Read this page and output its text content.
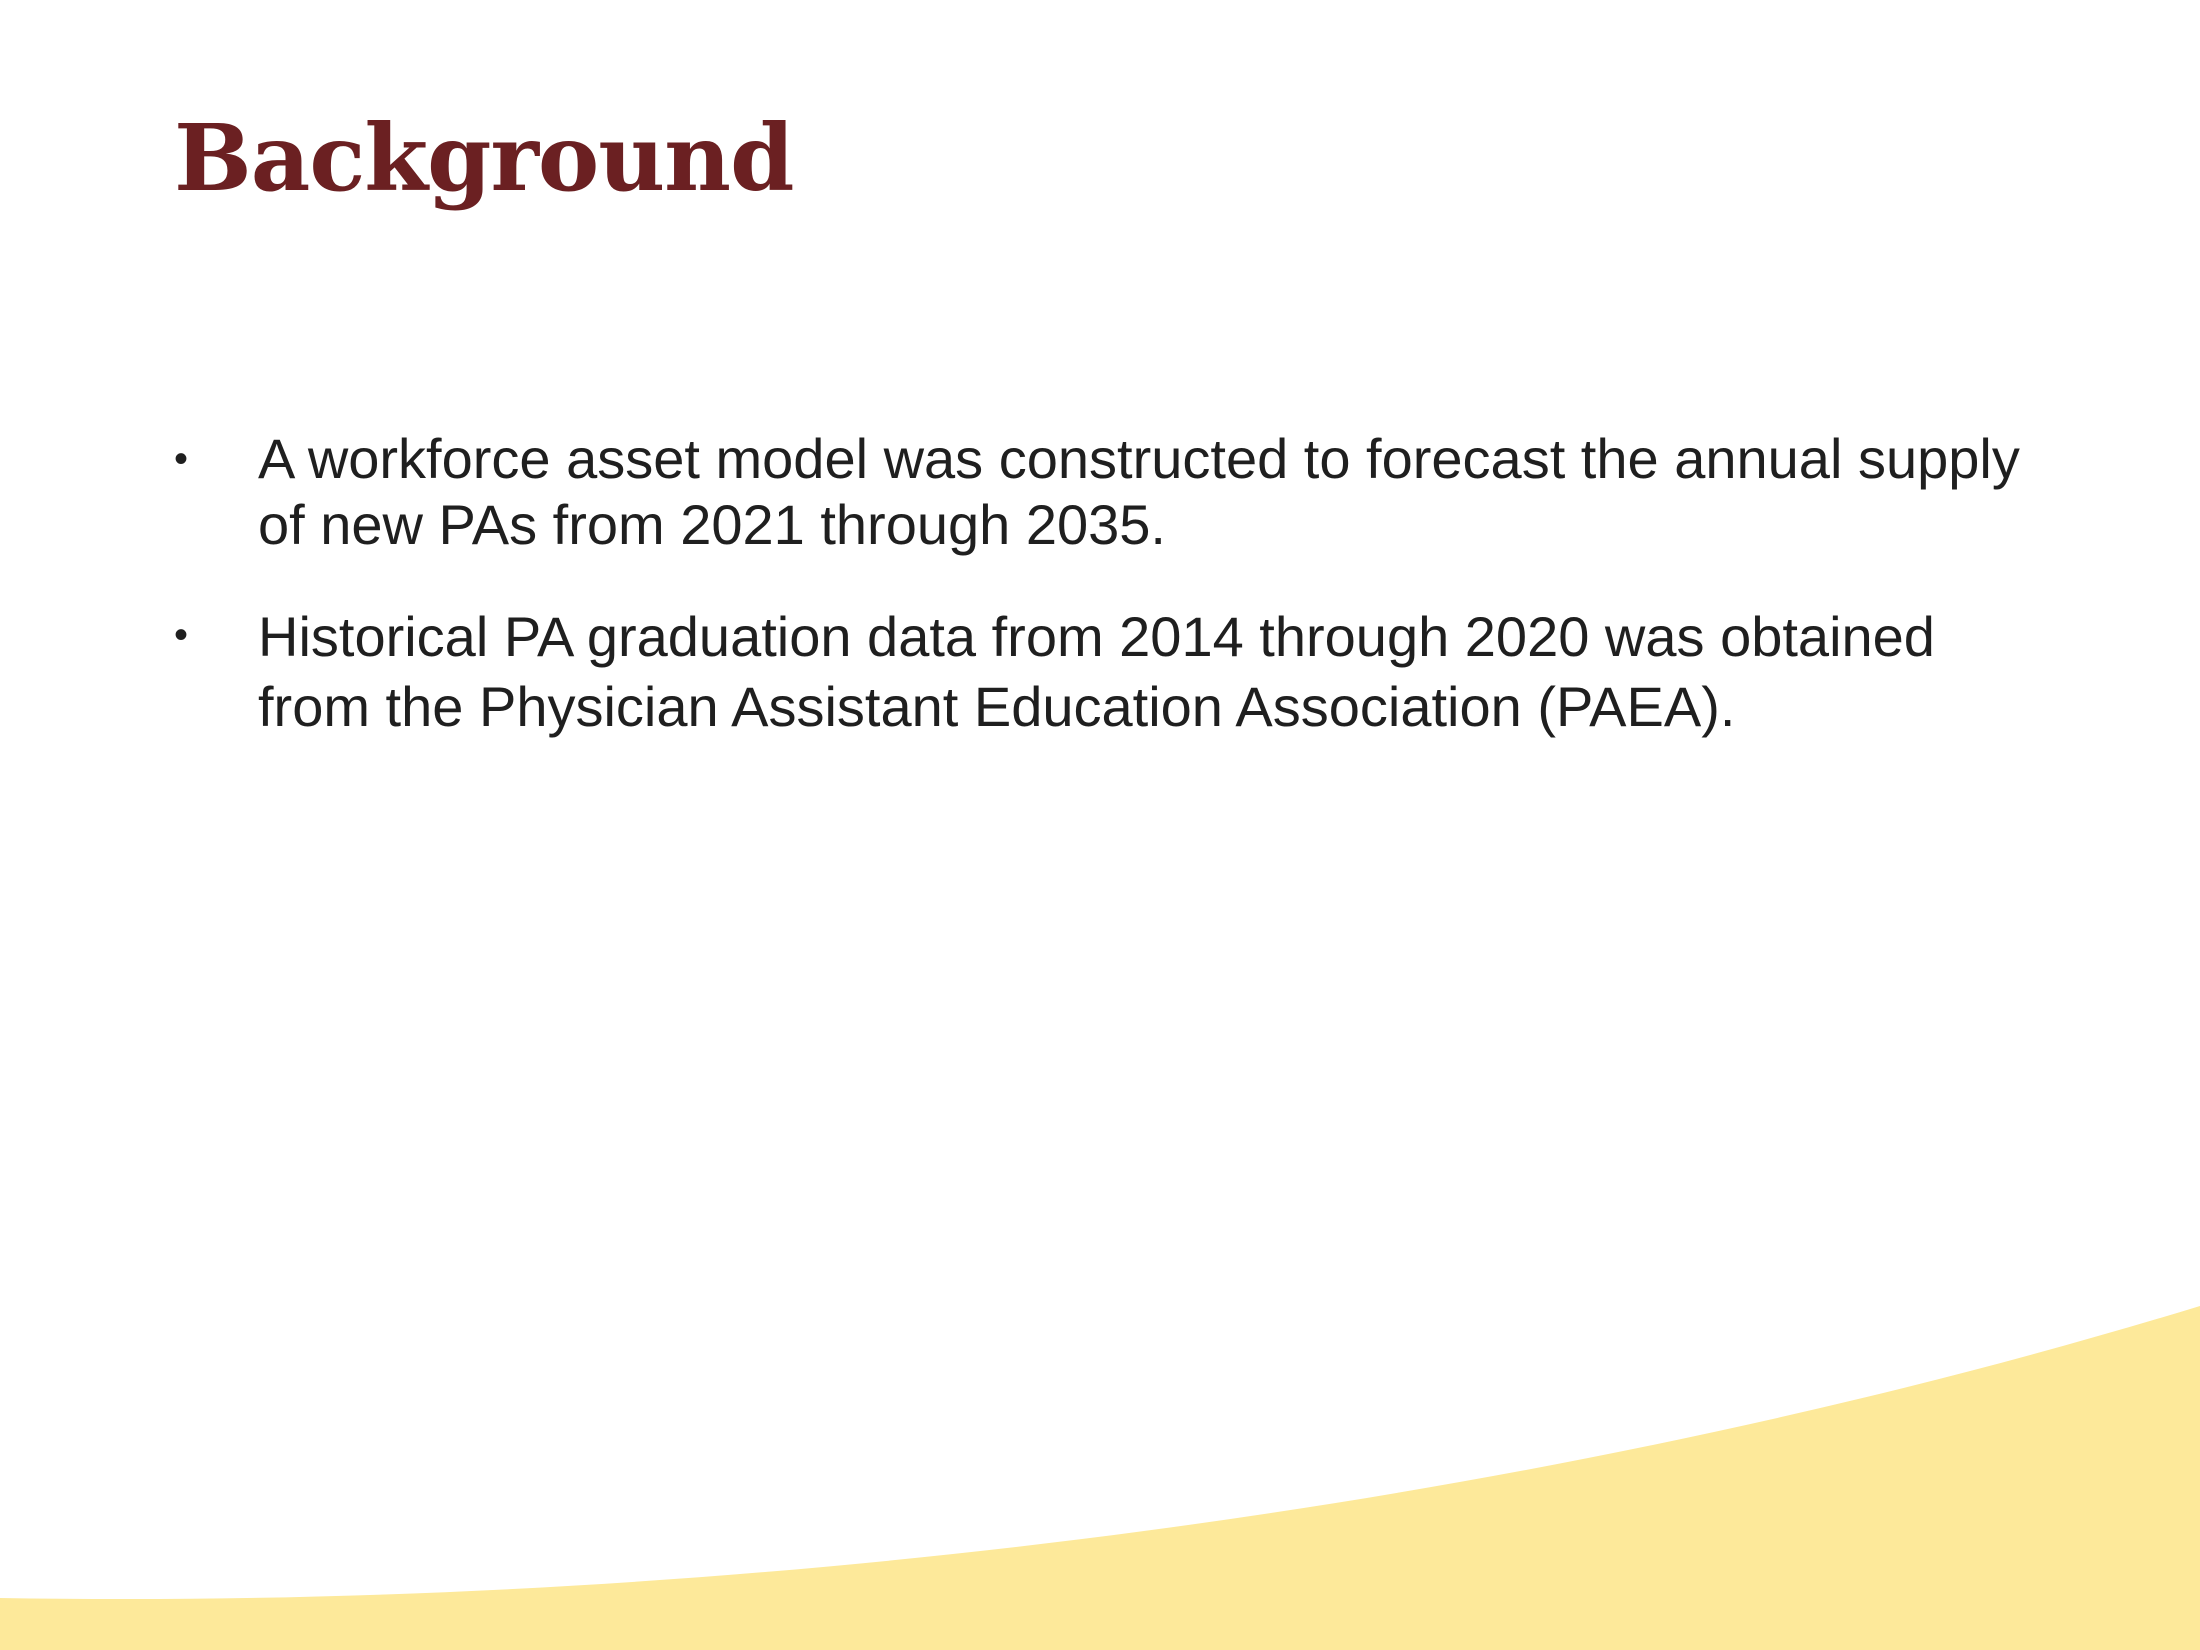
Background
•	A workforce asset model was constructed to forecast the annual supply of new PAs from 2021 through 2035.
•	Historical PA graduation data from 2014 through 2020 was obtained from the Physician Assistant Education Association (PAEA).
